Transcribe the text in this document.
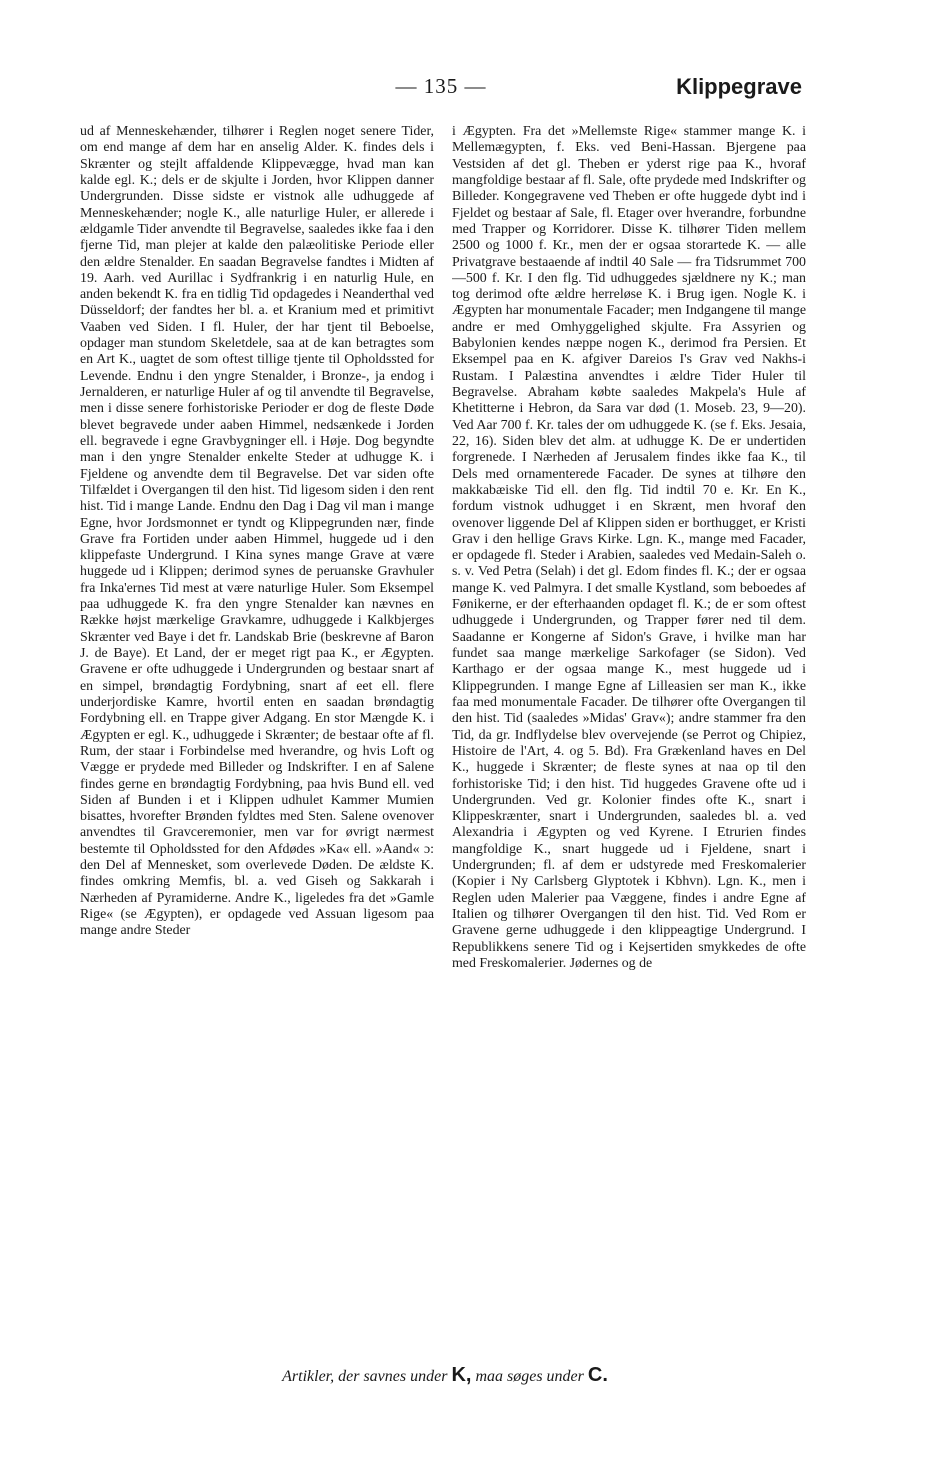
— 135 —	Klippegrave

ud af Menneskehænder, tilhører i Reglen noget senere Tider, om end mange af dem har en anselig Alder. K. findes dels i Skrænter og stejlt affaldende Klippevægge, hvad man kan kalde egl. K.; dels er de skjulte i Jorden, hvor Klippen danner Undergrunden. Disse sidste er vistnok alle udhuggede af Menneskehænder; nogle K., alle naturlige Huler, er allerede i ældgamle Tider anvendte til Begravelse, saaledes ikke faa i den fjerne Tid, man plejer at kalde den palæolitiske Periode eller den ældre Stenalder. En saadan Begravelse fandtes i Midten af 19. Aarh. ved Aurillac i Sydfrankrig i en naturlig Hule, en anden bekendt K. fra en tidlig Tid opdagedes i Neanderthal ved Düsseldorf; der fandtes her bl. a. et Kranium med et primitivt Vaaben ved Siden. I fl. Huler, der har tjent til Beboelse, opdager man stundom Skeletdele, saa at de kan betragtes som en Art K., uagtet de som oftest tillige tjente til Opholdssted for Levende. Endnu i den yngre Stenalder, i Bronze-, ja endog i Jernalderen, er naturlige Huler af og til anvendte til Begravelse, men i disse senere forhistoriske Perioder er dog de fleste Døde blevet begravede under aaben Himmel, nedsænkede i Jorden ell. begravede i egne Gravbygninger ell. i Høje. Dog begyndte man i den yngre Stenalder enkelte Steder at udhugge K. i Fjeldene og anvendte dem til Begravelse. Det var siden ofte Tilfældet i Overgangen til den hist. Tid ligesom siden i den rent hist. Tid i mange Lande. Endnu den Dag i Dag vil man i mange Egne, hvor Jordsmonnet er tyndt og Klippegrunden nær, finde Grave fra Fortiden under aaben Himmel, huggede ud i den klippefaste Undergrund. I Kina synes mange Grave at være huggede ud i Klippen; derimod synes de peruanske Gravhuler fra Inka'ernes Tid mest at være naturlige Huler. Som Eksempel paa udhuggede K. fra den yngre Stenalder kan nævnes en Række højst mærkelige Gravkamre, udhuggede i Kalkbjerges Skrænter ved Baye i det fr. Landskab Brie (beskrevne af Baron J. de Baye). Et Land, der er meget rigt paa K., er Ægypten. Gravene er ofte udhuggede i Undergrunden og bestaar snart af en simpel, brøndagtig Fordybning, snart af eet ell. flere underjordiske Kamre, hvortil enten en saadan brøndagtig Fordybning ell. en Trappe giver Adgang. En stor Mængde K. i Ægypten er egl. K., udhuggede i Skrænter; de bestaar ofte af fl. Rum, der staar i Forbindelse med hverandre, og hvis Loft og Vægge er prydede med Billeder og Indskrifter. I en af Salene findes gerne en brøndagtig Fordybning, paa hvis Bund ell. ved Siden af Bunden i et i Klippen udhulet Kammer Mumien bisattes, hvorefter Brønden fyldtes med Sten. Salene ovenover anvendtes til Gravceremonier, men var for øvrigt nærmest bestemte til Opholdssted for den Afdødes »Ka« ell. »Aand« ɔ: den Del af Mennesket, som overlevede Døden. De ældste K. findes omkring Memfis, bl. a. ved Giseh og Sakkarah i Nærheden af Pyramiderne. Andre K., ligeledes fra det »Gamle Rige« (se Ægypten), er opdagede ved Assuan ligesom paa mange andre Steder

i Ægypten. Fra det »Mellemste Rige« stammer mange K. i Mellemægypten, f. Eks. ved Beni-Hassan. Bjergene paa Vestsiden af det gl. Theben er yderst rige paa K., hvoraf mangfoldige bestaar af fl. Sale, ofte prydede med Indskrifter og Billeder. Kongegravene ved Theben er ofte huggede dybt ind i Fjeldet og bestaar af Sale, fl. Etager over hverandre, forbundne med Trapper og Korridorer. Disse K. tilhører Tiden mellem 2500 og 1000 f. Kr., men der er ogsaa storartede K. — alle Privatgrave bestaaende af indtil 40 Sale — fra Tidsrummet 700—500 f. Kr. I den flg. Tid udhuggedes sjældnere ny K.; man tog derimod ofte ældre herreløse K. i Brug igen. Nogle K. i Ægypten har monumentale Facader; men Indgangene til mange andre er med Omhyggelighed skjulte. Fra Assyrien og Babylonien kendes næppe nogen K., derimod fra Persien. Et Eksempel paa en K. afgiver Dareios I's Grav ved Nakhs-i Rustam. I Palæstina anvendtes i ældre Tider Huler til Begravelse. Abraham købte saaledes Makpela's Hule af Khetitterne i Hebron, da Sara var død (1. Moseb. 23, 9—20). Ved Aar 700 f. Kr. tales der om udhuggede K. (se f. Eks. Jesaia, 22, 16). Siden blev det alm. at udhugge K. De er undertiden forgrenede. I Nærheden af Jerusalem findes ikke faa K., til Dels med ornamenterede Facader. De synes at tilhøre den makkabæiske Tid ell. den flg. Tid indtil 70 e. Kr. En K., fordum vistnok udhugget i en Skrænt, men hvoraf den ovenover liggende Del af Klippen siden er borthugget, er Kristi Grav i den hellige Gravs Kirke. Lgn. K., mange med Facader, er opdagede fl. Steder i Arabien, saaledes ved Medain-Saleh o. s. v. Ved Petra (Selah) i det gl. Edom findes fl. K.; der er ogsaa mange K. ved Palmyra. I det smalle Kystland, som beboedes af Fønikerne, er der efterhaanden opdaget fl. K.; de er som oftest udhuggede i Undergrunden, og Trapper fører ned til dem. Saadanne er Kongerne af Sidon's Grave, i hvilke man har fundet saa mange mærkelige Sarkofager (se Sidon). Ved Karthago er der ogsaa mange K., mest huggede ud i Klippegrunden. I mange Egne af Lilleasien ser man K., ikke faa med monumentale Facader. De tilhører ofte Overgangen til den hist. Tid (saaledes »Midas' Grav«); andre stammer fra den Tid, da gr. Indflydelse blev overvejende (se Perrot og Chipiez, Histoire de l'Art, 4. og 5. Bd). Fra Grækenland haves en Del K., huggede i Skrænter; de fleste synes at naa op til den forhistoriske Tid; i den hist. Tid huggedes Gravene ofte ud i Undergrunden. Ved gr. Kolonier findes ofte K., snart i Klippeskrænter, snart i Undergrunden, saaledes bl. a. ved Alexandria i Ægypten og ved Kyrene. I Etrurien findes mangfoldige K., snart huggede ud i Fjeldene, snart i Undergrunden; fl. af dem er udstyrede med Freskomalerier (Kopier i Ny Carlsberg Glyptotek i Kbhvn). Lgn. K., men i Reglen uden Malerier paa Væggene, findes i andre Egne af Italien og tilhører Overgangen til den hist. Tid. Ved Rom er Gravene gerne udhuggede i den klippeagtige Undergrund. I Republikkens senere Tid og i Kejsertiden smykkedes de ofte med Freskomalerier. Jødernes og de

Artikler, der savnes under K, maa søges under C.
